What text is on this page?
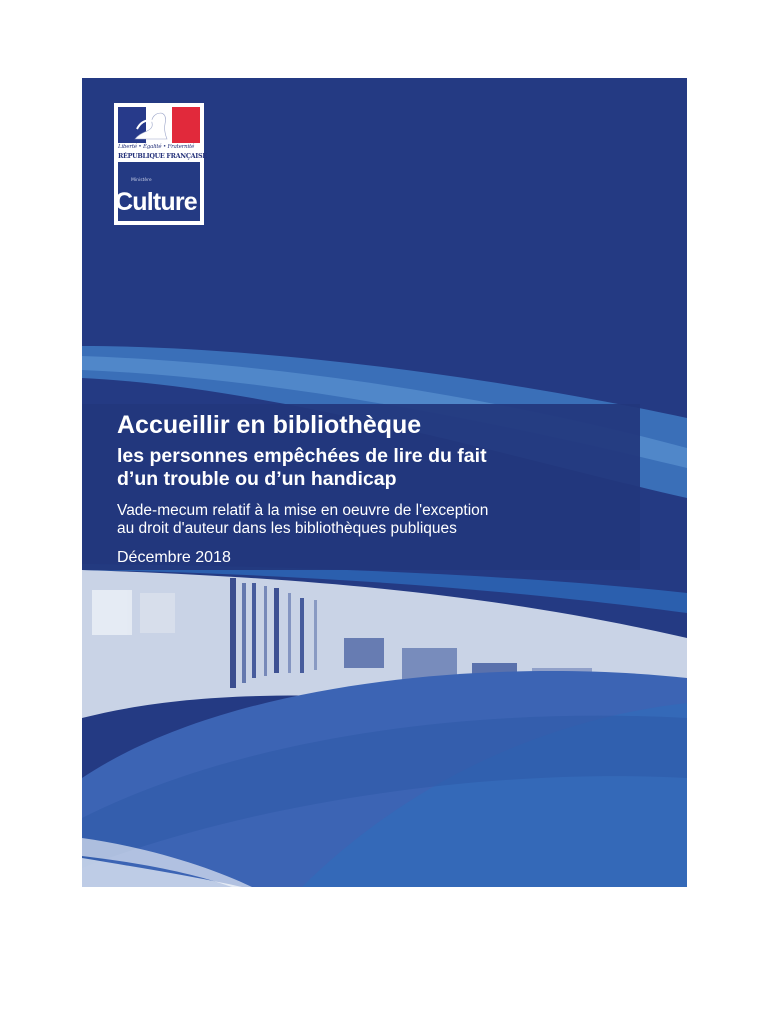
Liberté • Égalité • Fraternité
RÉPUBLIQUE FRANÇAISE
Ministère
Culture
Accueillir en bibliothèque
les personnes empêchées de lire du fait
d’un trouble ou d’un handicap
Vade-mecum relatif à la mise en oeuvre de l'exception
au droit d'auteur dans les bibliothèques publiques
Décembre 2018
